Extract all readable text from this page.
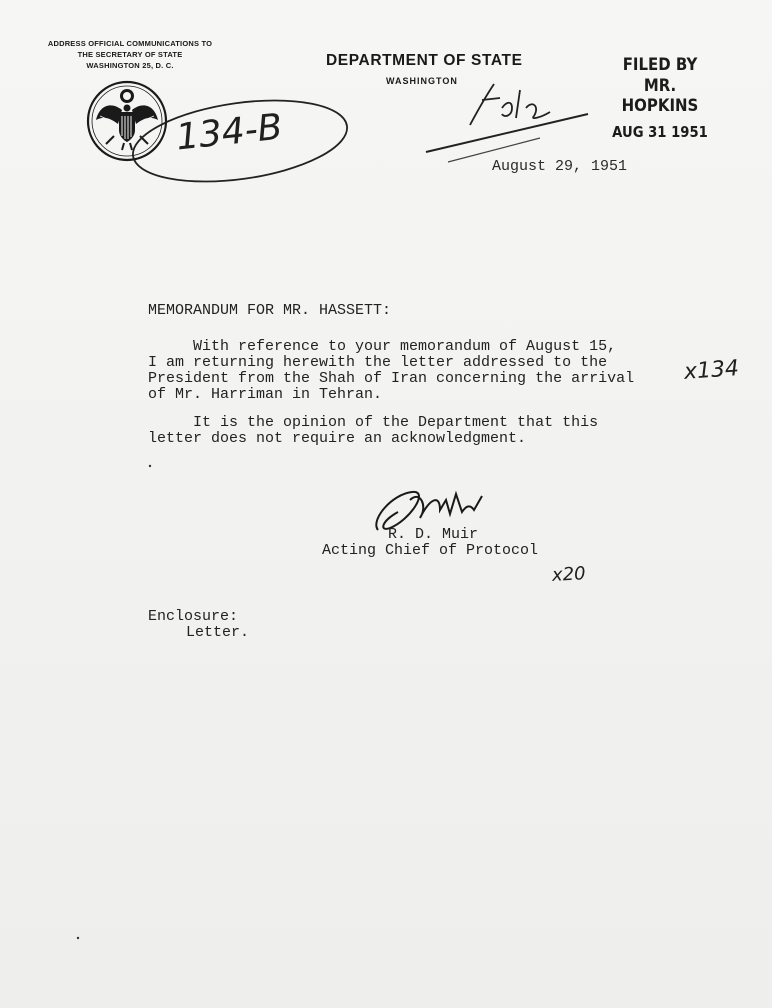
ADDRESS OFFICIAL COMMUNICATIONS TO
THE SECRETARY OF STATE
WASHINGTON 25, D. C.	DEPARTMENT OF STATE
WASHINGTON
FILED BY
MR. HOPKINS
AUG 31 1951
134-B
x134
x20
August 29, 1951
MEMORANDUM FOR MR. HASSETT:
With reference to your memorandum of August 15,
I am returning herewith the letter addressed to the
President from the Shah of Iran concerning the arrival
of Mr. Harriman in Tehran.
It is the opinion of the Department that this
letter does not require an acknowledgment.
R. D. Muir
Acting Chief of Protocol
Enclosure:
Letter.
